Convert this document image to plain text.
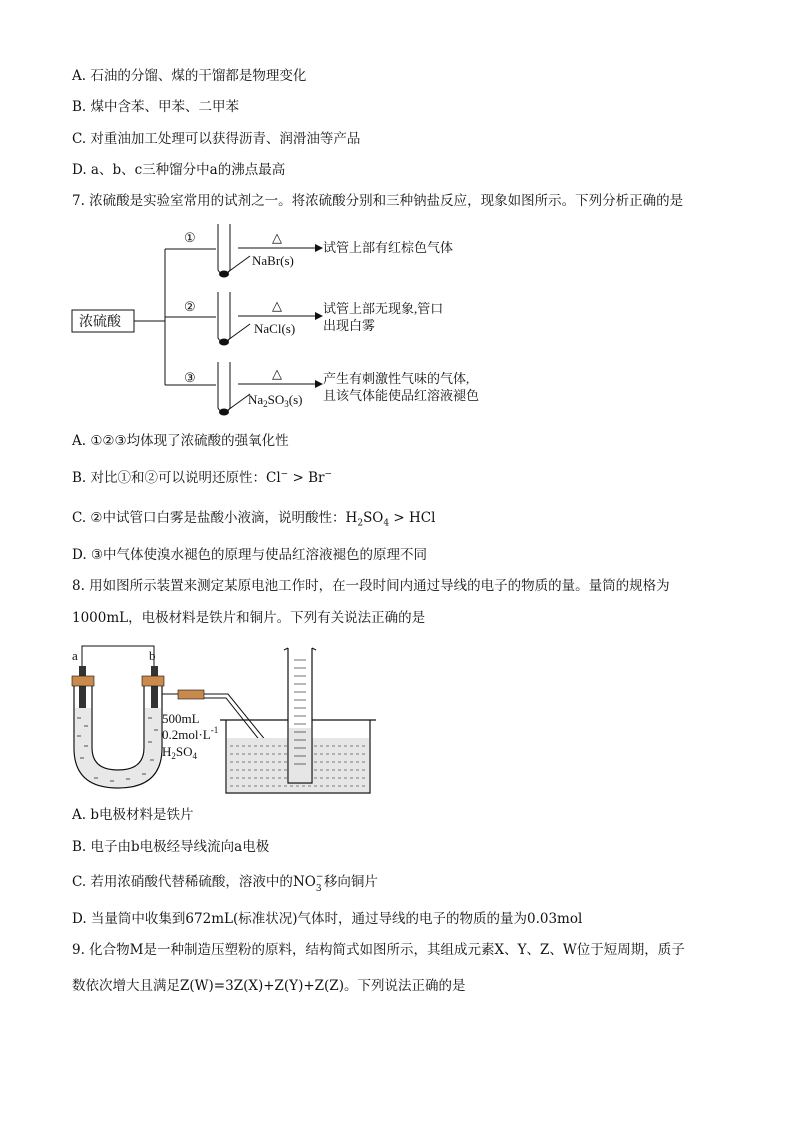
A. 石油的分馏、煤的干馏都是物理变化
B. 煤中含苯、甲苯、二甲苯
C. 对重油加工处理可以获得沥青、润滑油等产品
D. a、b、c三种馏分中a的沸点最高
7. 浓硫酸是实验室常用的试剂之一。将浓硫酸分别和三种钠盐反应，现象如图所示。下列分析正确的是
浓硫酸
①
②
③
△
△
△
NaBr(s)
NaCl(s)
$Na_2SO_3(s)$
试管上部有红棕色气体
试管上部无现象,管口
出现白雾
产生有刺激性气味的气体,
且该气体能使品红溶液褪色
A. ①②③均体现了浓硫酸的强氧化性
B. 对比①和②可以说明还原性：Cl− > Br−
C. ②中试管口白雾是盐酸小液滴，说明酸性：$H_2SO_4$ > HCl
D. ③中气体使溴水褪色的原理与使品红溶液褪色的原理不同
8. 用如图所示装置来测定某原电池工作时，在一段时间内通过导线的电子的物质的量。量筒的规格为
1000mL，电极材料是铁片和铜片。下列有关说法正确的是
a	b
500mL
$0.2mol\cdot L^{-1}$
$H_2SO_4$
A. b电极材料是铁片
B. 电子由b电极经导线流向a电极
C. 若用浓硝酸代替稀硫酸，溶液中的NO −
3 移向铜片
D. 当量筒中收集到672mL(标准状况)气体时，通过导线的电子的物质的量为0.03mol
9. 化合物M是一种制造压塑粉的原料，结构简式如图所示，其组成元素X、Y、Z、W位于短周期，质子
数依次增大且满足Z(W)=3Z(X)+Z(Y)+Z(Z)。下列说法正确的是
